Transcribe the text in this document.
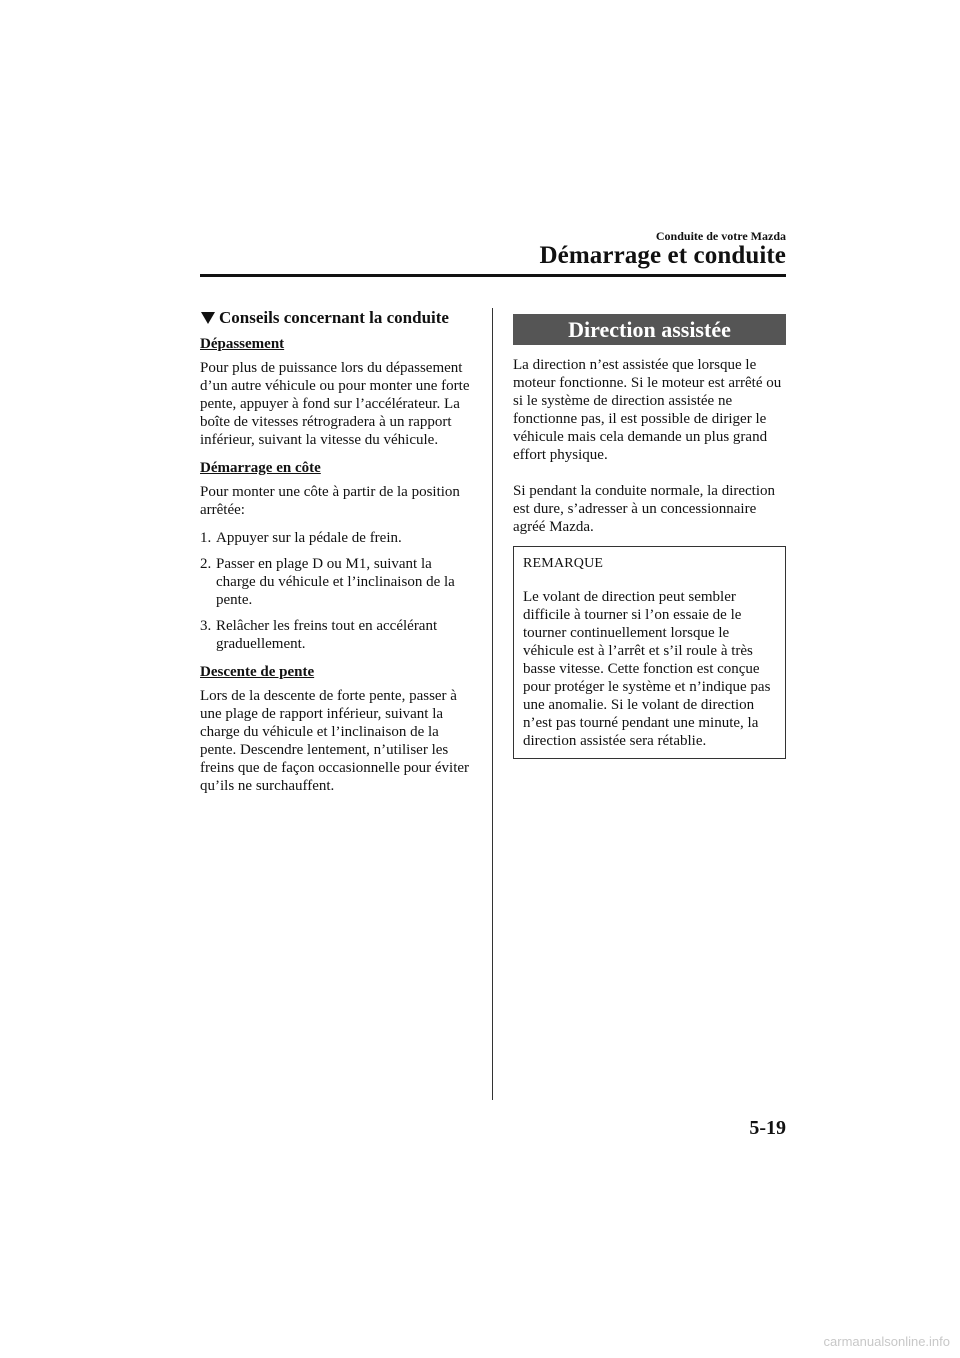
Conduite de votre Mazda
Démarrage et conduite
Conseils concernant la conduite
Dépassement

Pour plus de puissance lors du dépassement d’un autre véhicule ou pour monter une forte pente, appuyer à fond sur l’accélérateur. La boîte de vitesses rétrogradera à un rapport inférieur, suivant la vitesse du véhicule.

Démarrage en côte

Pour monter une côte à partir de la position arrêtée:

1. Appuyer sur la pédale de frein.
2. Passer en plage D ou M1, suivant la charge du véhicule et l’inclinaison de la pente.
3. Relâcher les freins tout en accélérant graduellement.
Descente de pente

Lors de la descente de forte pente, passer à une plage de rapport inférieur, suivant la charge du véhicule et l’inclinaison de la pente. Descendre lentement, n’utiliser les freins que de façon occasionnelle pour éviter qu’ils ne surchauffent.

Direction assistée

La direction n’est assistée que lorsque le moteur fonctionne. Si le moteur est arrêté ou si le système de direction assistée ne fonctionne pas, il est possible de diriger le véhicule mais cela demande un plus grand effort physique.

Si pendant la conduite normale, la direction est dure, s’adresser à un concessionnaire agréé Mazda.

REMARQUE

Le volant de direction peut sembler difficile à tourner si l’on essaie de le tourner continuellement lorsque le véhicule est à l’arrêt et s’il roule à très basse vitesse. Cette fonction est conçue pour protéger le système et n’indique pas une anomalie. Si le volant de direction n’est pas tourné pendant une minute, la direction assistée sera rétablie.

5-19
carmanualsonline.info
